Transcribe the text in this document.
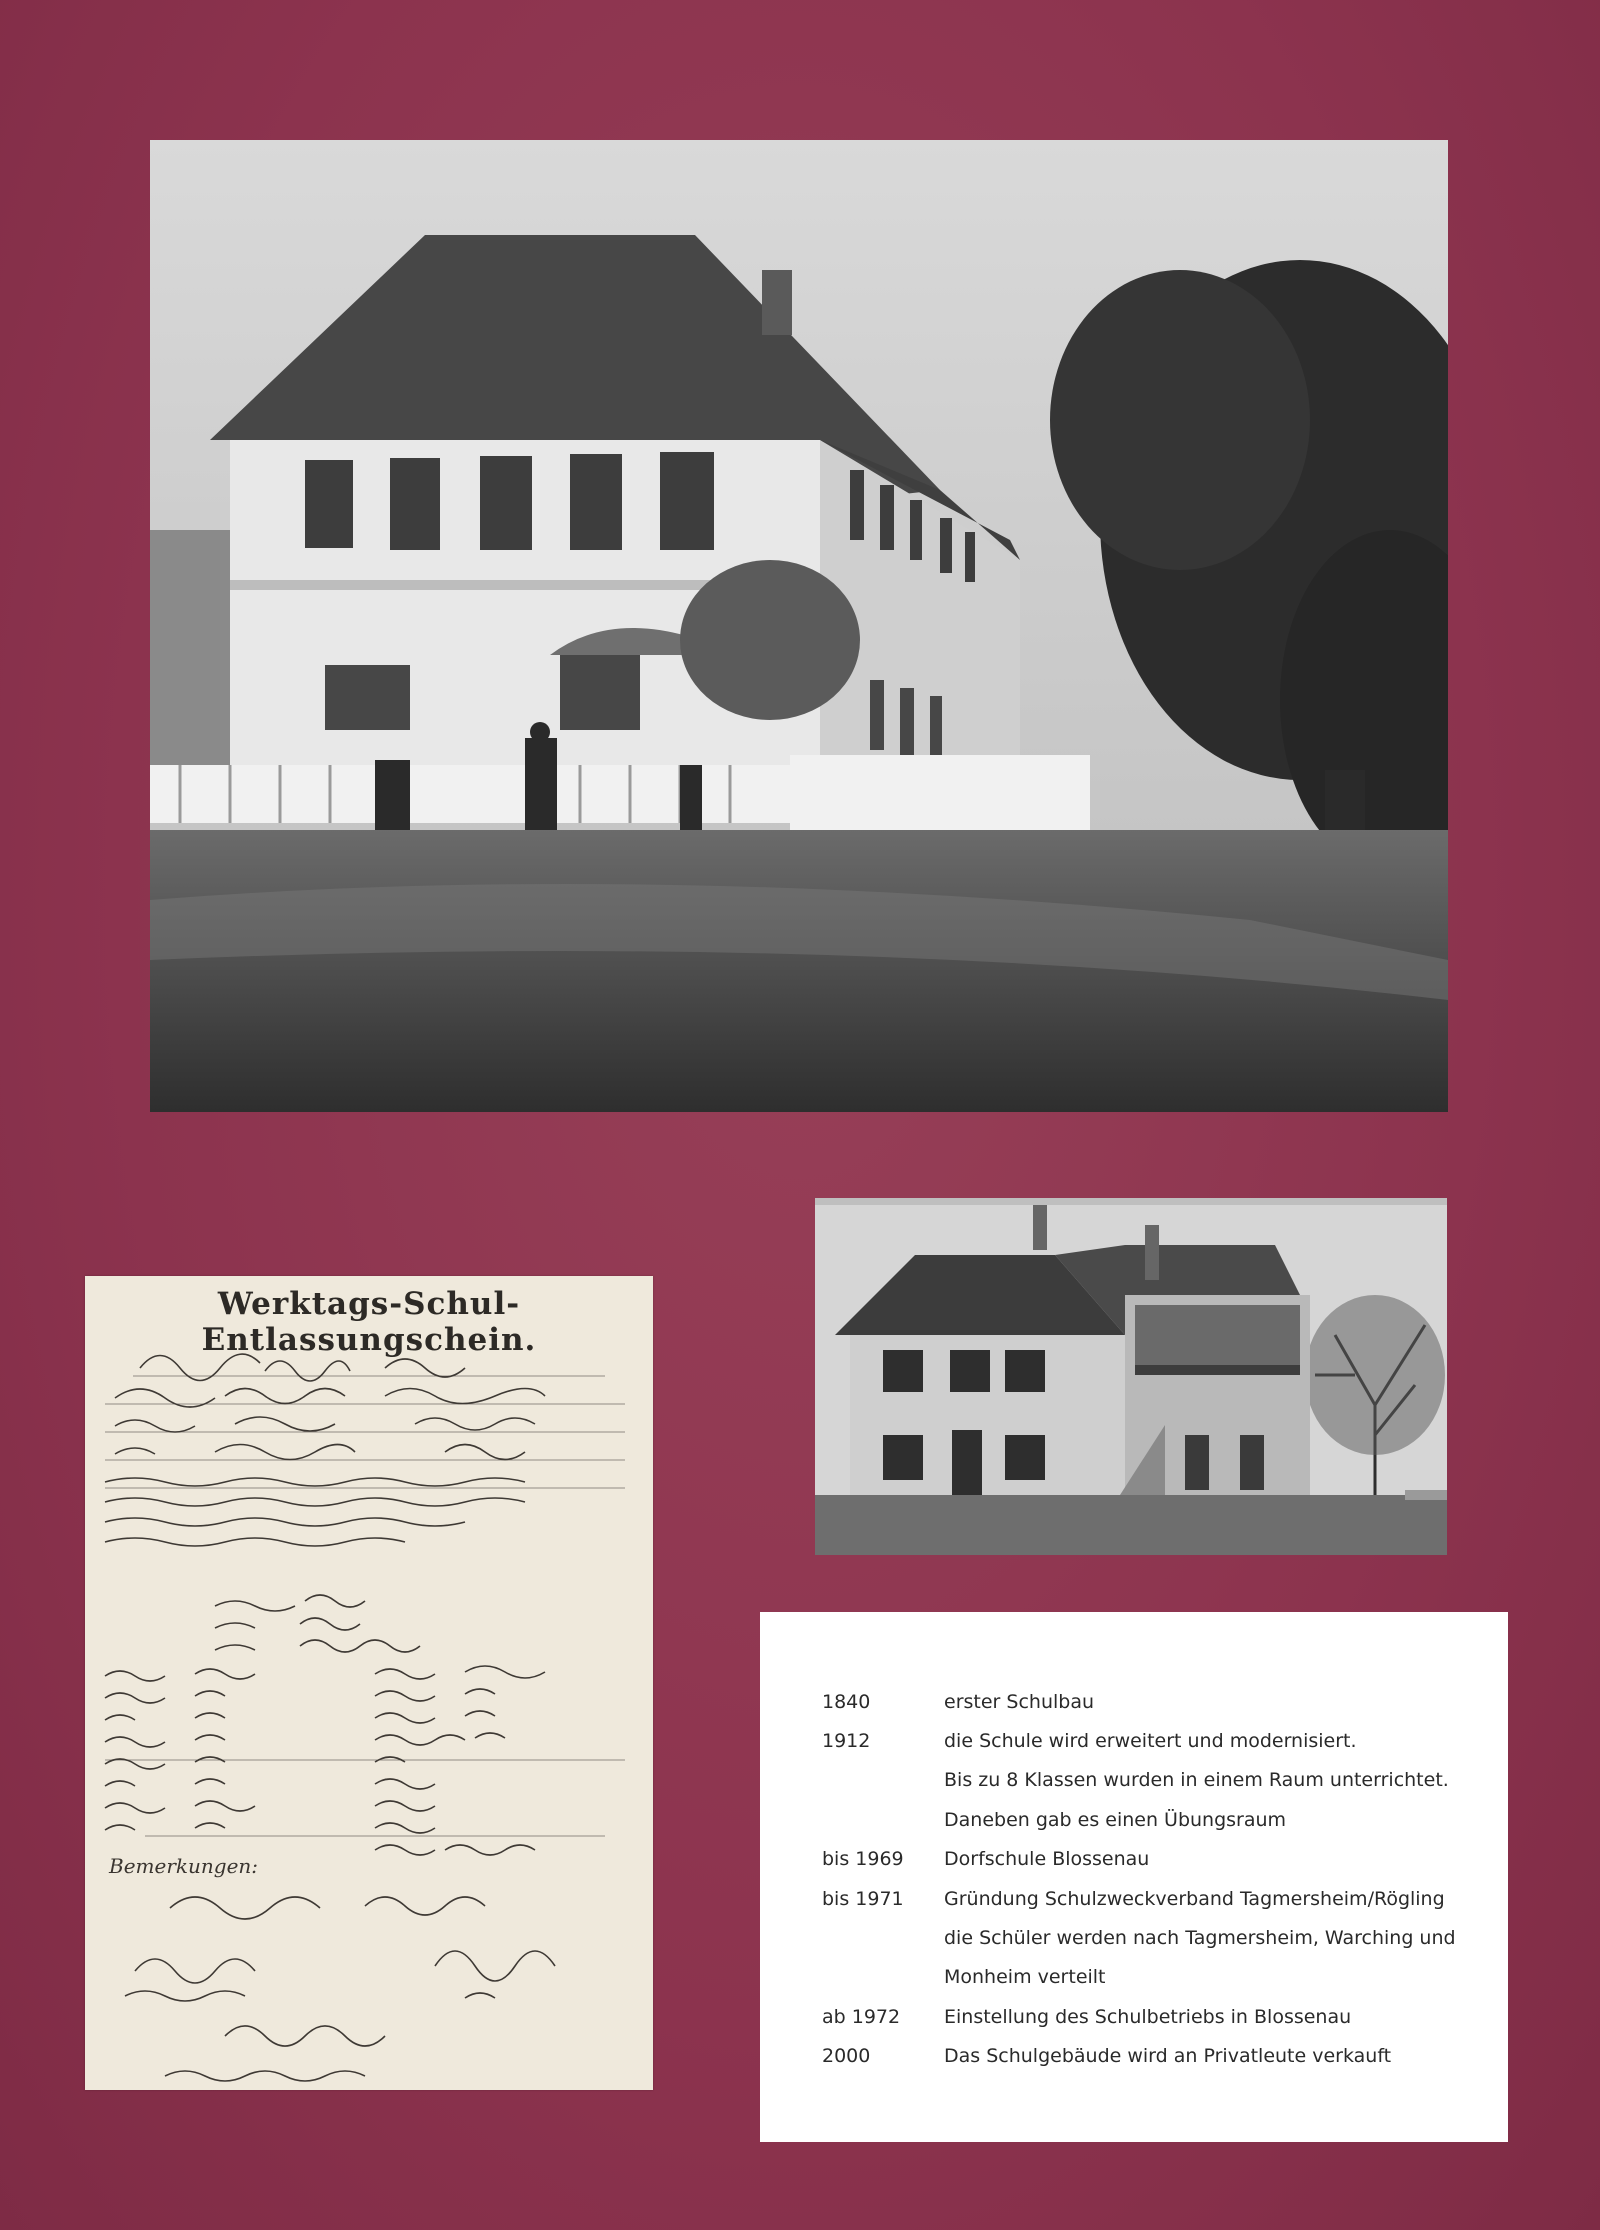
Werktags-Schul-Entlassungschein.
Bemerkungen:
1840	erster Schulbau
1912	die Schule wird erweitert und modernisiert.
Bis zu 8 Klassen wurden in einem Raum unterrichtet.
Daneben gab es einen Übungsraum
bis 1969	Dorfschule Blossenau
bis 1971	Gründung Schulzweckverband Tagmersheim/Rögling
die Schüler werden nach Tagmersheim, Warching und
Monheim verteilt
ab 1972	Einstellung des Schulbetriebs in Blossenau
2000	Das Schulgebäude wird an Privatleute verkauft
